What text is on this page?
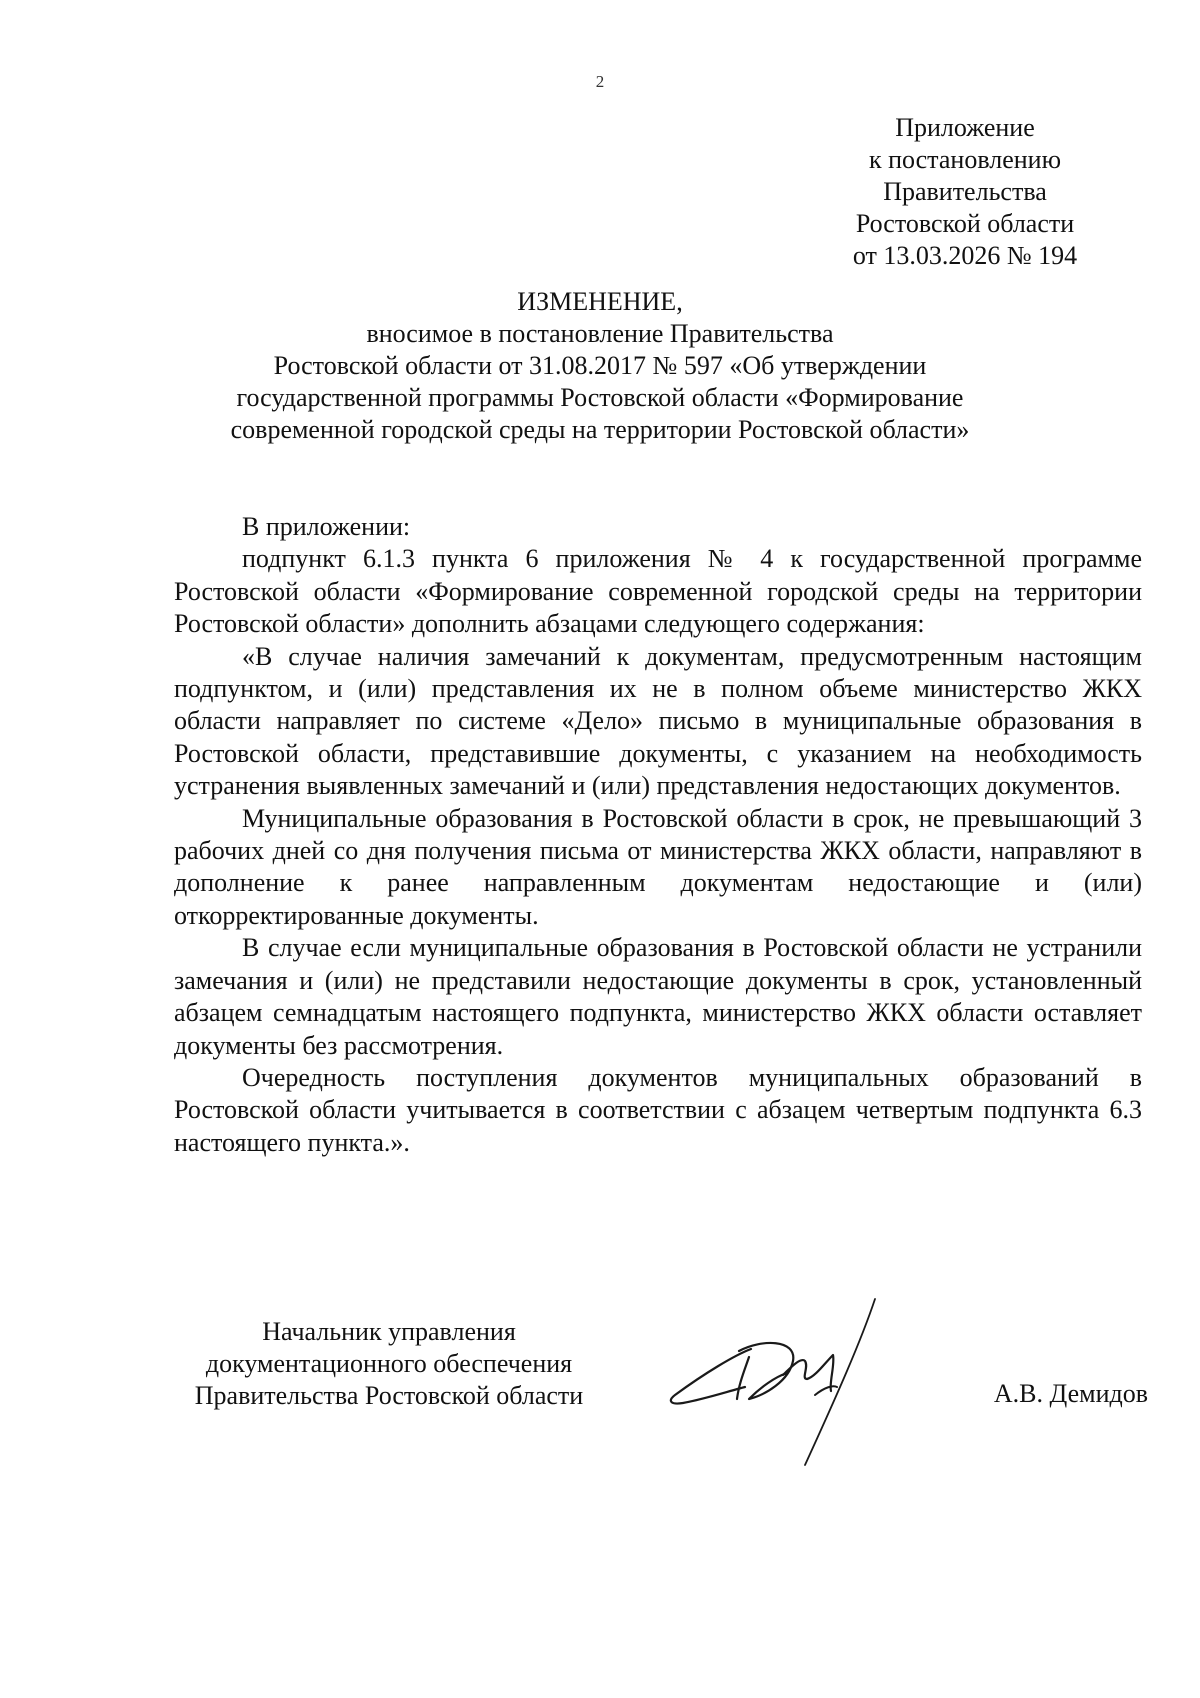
2
Приложение
к постановлению
Правительства
Ростовской области
от 13.03.2026 № 194
ИЗМЕНЕНИЕ,
вносимое в постановление Правительства
Ростовской области от 31.08.2017 № 597 «Об утверждении
государственной программы Ростовской области «Формирование
современной городской среды на территории Ростовской области»

В приложении:

подпункт 6.1.3 пункта 6 приложения № 4 к государственной программе Ростовской области «Формирование современной городской среды на территории Ростовской области» дополнить абзацами следующего содержания:

«В случае наличия замечаний к документам, предусмотренным настоящим подпунктом, и (или) представления их не в полном объеме министерство ЖКХ области направляет по системе «Дело» письмо в муниципальные образования в Ростовской области, представившие документы, с указанием на необходимость устранения выявленных замечаний и (или) представления недостающих документов.

Муниципальные образования в Ростовской области в срок, не превышающий 3 рабочих дней со дня получения письма от министерства ЖКХ области, направляют в дополнение к ранее направленным документам недостающие и (или) откорректированные документы.

В случае если муниципальные образования в Ростовской области не устранили замечания и (или) не представили недостающие документы в срок, установленный абзацем семнадцатым настоящего подпункта, министерство ЖКХ области оставляет документы без рассмотрения.

Очередность поступления документов муниципальных образований в Ростовской области учитывается в соответствии с абзацем четвертым подпункта 6.3 настоящего пункта.».

Начальник управления
документационного обеспечения
Правительства Ростовской области	А.В. Демидов
